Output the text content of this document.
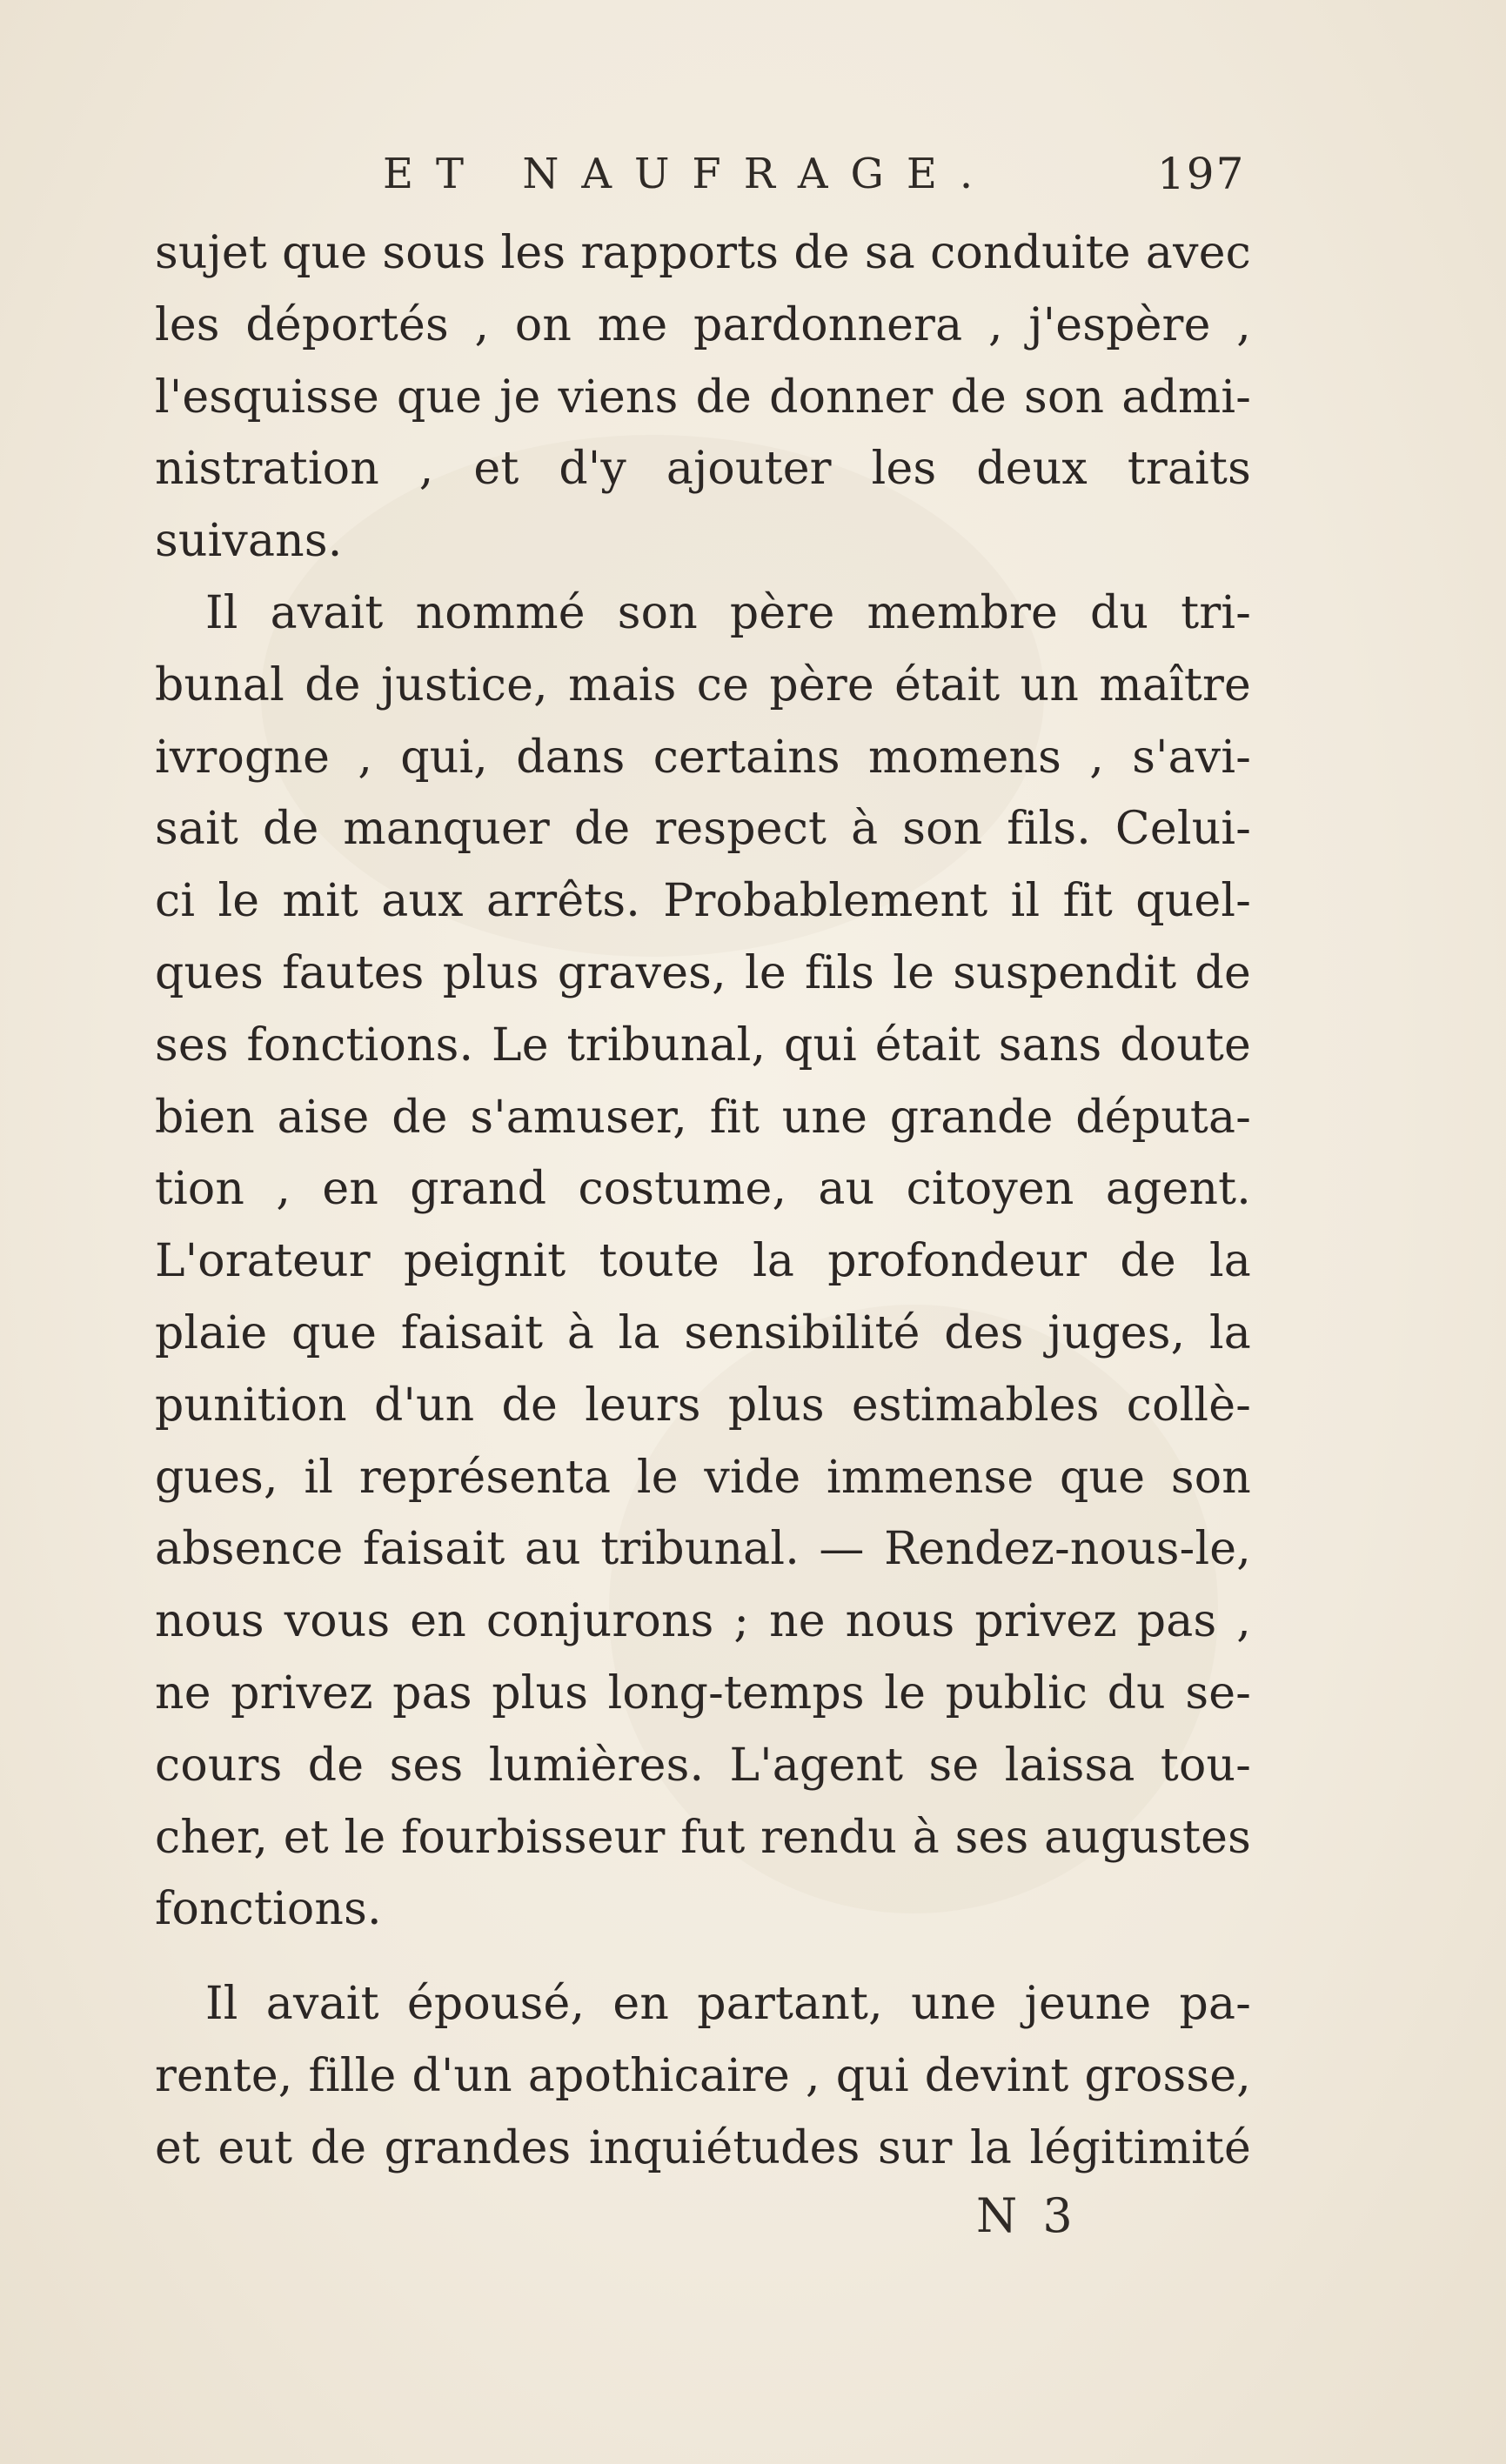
ET NAUFRAGE.	197
sujet que sous les rapports de sa conduite avec
les déportés , on me pardonnera , j'espère ,
l'esquisse que je viens de donner de son admi-
nistration , et d'y ajouter les deux traits
suivans.
Il avait nommé son père membre du tri-
bunal de justice, mais ce père était un maître
ivrogne , qui, dans certains momens , s'avi-
sait de manquer de respect à son fils. Celui-
ci le mit aux arrêts. Probablement il fit quel-
ques fautes plus graves, le fils le suspendit de
ses fonctions. Le tribunal, qui était sans doute
bien aise de s'amuser, fit une grande députa-
tion , en grand costume, au citoyen agent.
L'orateur peignit toute la profondeur de la
plaie que faisait à la sensibilité des juges, la
punition d'un de leurs plus estimables collè-
gues, il représenta le vide immense que son
absence faisait au tribunal. — Rendez-nous-le,
nous vous en conjurons ; ne nous privez pas ,
ne privez pas plus long-temps le public du se-
cours de ses lumières. L'agent se laissa tou-
cher, et le fourbisseur fut rendu à ses augustes
fonctions.
Il avait épousé, en partant, une jeune pa-
rente, fille d'un apothicaire , qui devint grosse,
et eut de grandes inquiétudes sur la légitimité
N 3
